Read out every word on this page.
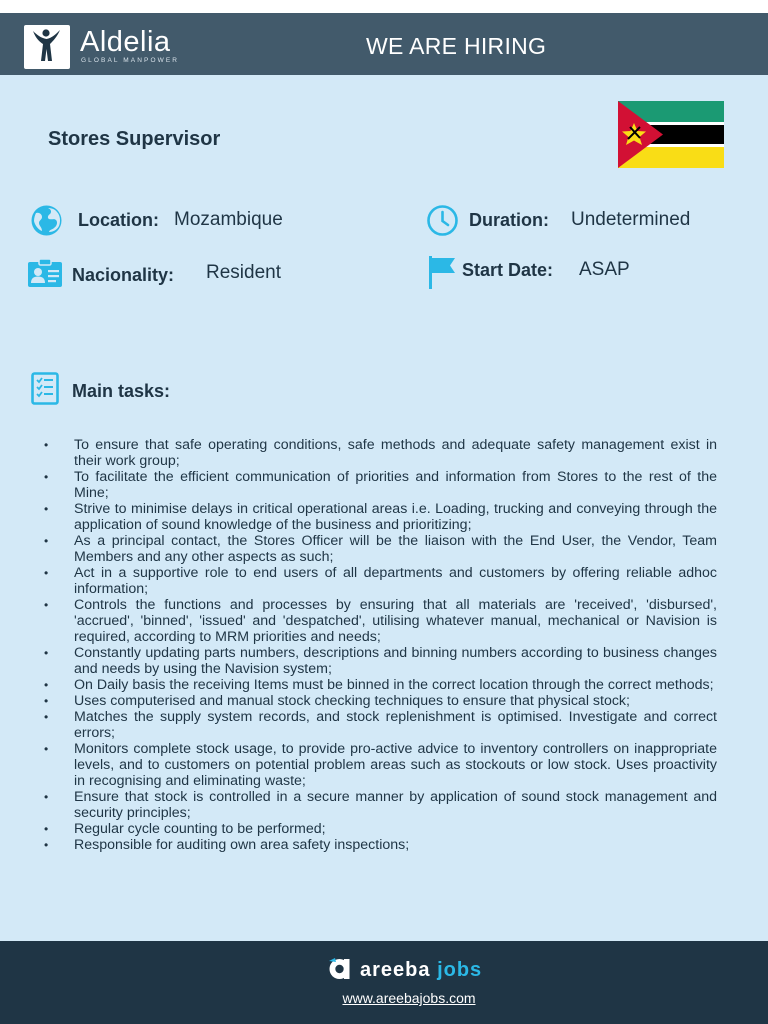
Aldelia
GLOBAL MANPOWER
WE ARE HIRING
Stores Supervisor
Location: Mozambique	Duration: Undetermined
Nacionality: Resident	Start Date: ASAP
Main tasks:
• To ensure that safe operating conditions, safe methods and adequate safety management exist in their work group;
• To facilitate the efficient communication of priorities and information from Stores to the rest of the Mine;
• Strive to minimise delays in critical operational areas i.e. Loading, trucking and conveying through the application of sound knowledge of the business and prioritizing;
• As a principal contact, the Stores Officer will be the liaison with the End User, the Vendor, Team Members and any other aspects as such;
• Act in a supportive role to end users of all departments and customers by offering reliable adhoc information;
• Controls the functions and processes by ensuring that all materials are 'received', 'disbursed', 'accrued', 'binned', 'issued' and 'despatched', utilising whatever manual, mechanical or Navision is required, according to MRM priorities and needs;
• Constantly updating parts numbers, descriptions and binning numbers according to business changes and needs by using the Navision system;
• On Daily basis the receiving Items must be binned in the correct location through the correct methods;
• Uses computerised and manual stock checking techniques to ensure that physical stock;
• Matches the supply system records, and stock replenishment is optimised. Investigate and correct errors;
• Monitors complete stock usage, to provide pro-active advice to inventory controllers on inappropriate levels, and to customers on potential problem areas such as stockouts or low stock. Uses proactivity in recognising and eliminating waste;
• Ensure that stock is controlled in a secure manner by application of sound stock management and security principles;
• Regular cycle counting to be performed;
• Responsible for auditing own area safety inspections;
areeba jobs
www.areebajobs.com
